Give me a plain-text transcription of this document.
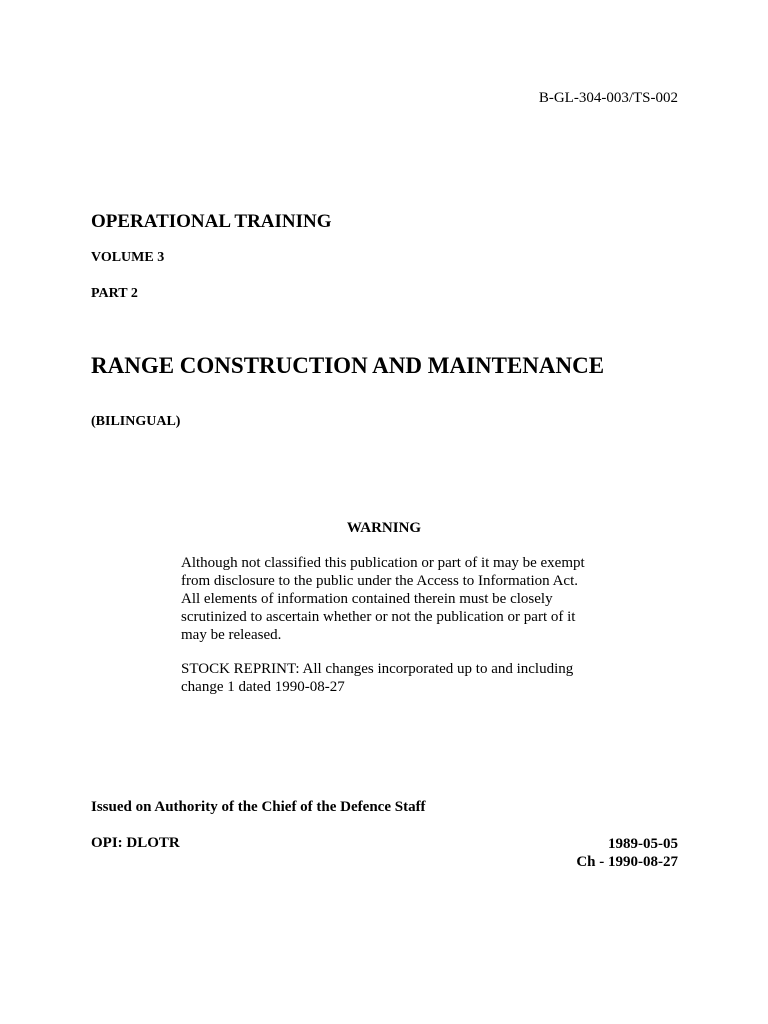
B-GL-304-003/TS-002
OPERATIONAL TRAINING
VOLUME 3
PART 2
RANGE CONSTRUCTION AND MAINTENANCE
(BILINGUAL)
WARNING
Although not classified this publication or part of it may be exempt
from disclosure to the public under the Access to Information Act.
All elements of information contained therein must be closely
scrutinized to ascertain whether or not the publication or part of it
may be released.
STOCK REPRINT: All changes incorporated up to and including
change 1 dated 1990-08-27
Issued on Authority of the Chief of the Defence Staff
OPI: DLOTR	1989-05-05
Ch - 1990-08-27
